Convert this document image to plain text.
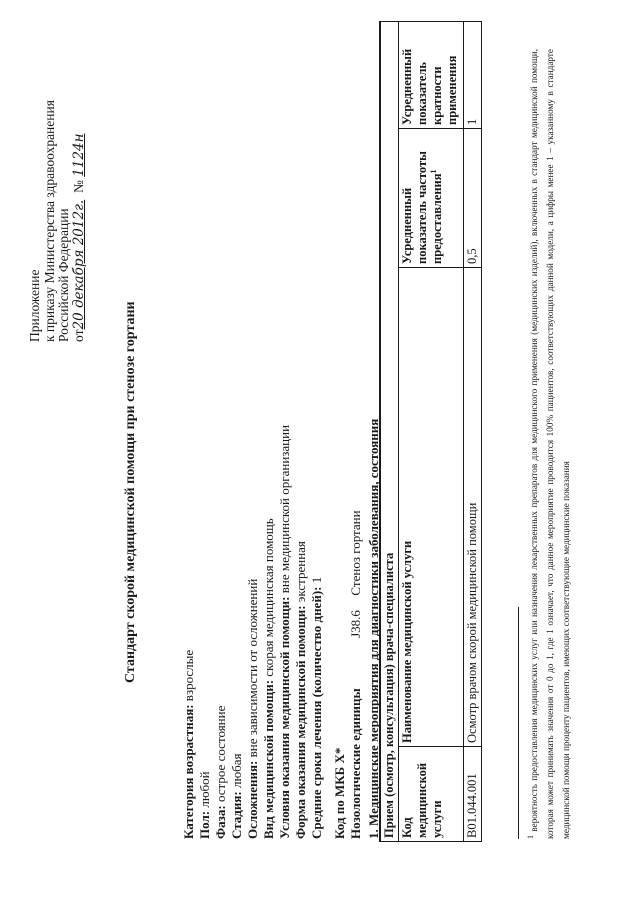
Приложение к приказу Министерства здравоохранения Российской Федерации от20 декабря 2012г.  № 1124н
Стандарт скорой медицинской помощи при стенозе гортани
Категория возрастная: взрослые
Пол: любой
Фаза: острое состояние
Стадия: любая Осложнения: вне зависимости от осложнений Вид медицинской помощи: скорая медицинская помощь Условия оказания медицинской помощи: вне медицинской организации
Форма оказания медицинской помощи: экстренная
Средние сроки лечения (количество дней): 1
Код по МКБ X* Нозологические единицы  J38.6  Стеноз гортани 1. Медицинские мероприятия для диагностики заболевания, состояния Прием (осмотр, консультация) врача-специалиста			
Код медицинской услуги	Наименование медицинской услуги	Усредненный показатель частоты предоставления$^1$	Усредненный показатель кратности применения
B01.044.001	Осмотр врачом скорой медицинской помощи	0,5	1
$^1$ вероятность предоставления медицинских услуг или назначения лекарственных препаратов для медицинского применения (медицинских изделий), включенных в стандарт медицинской помощи, которая может принимать значения от 0 до 1, где 1 означает, что данное мероприятие проводится 100% пациентов, соответствующих данной модели, а цифры менее 1 – указанному в стандарте медицинской помощи проценту пациентов, имеющих соответствующие медицинские показания
